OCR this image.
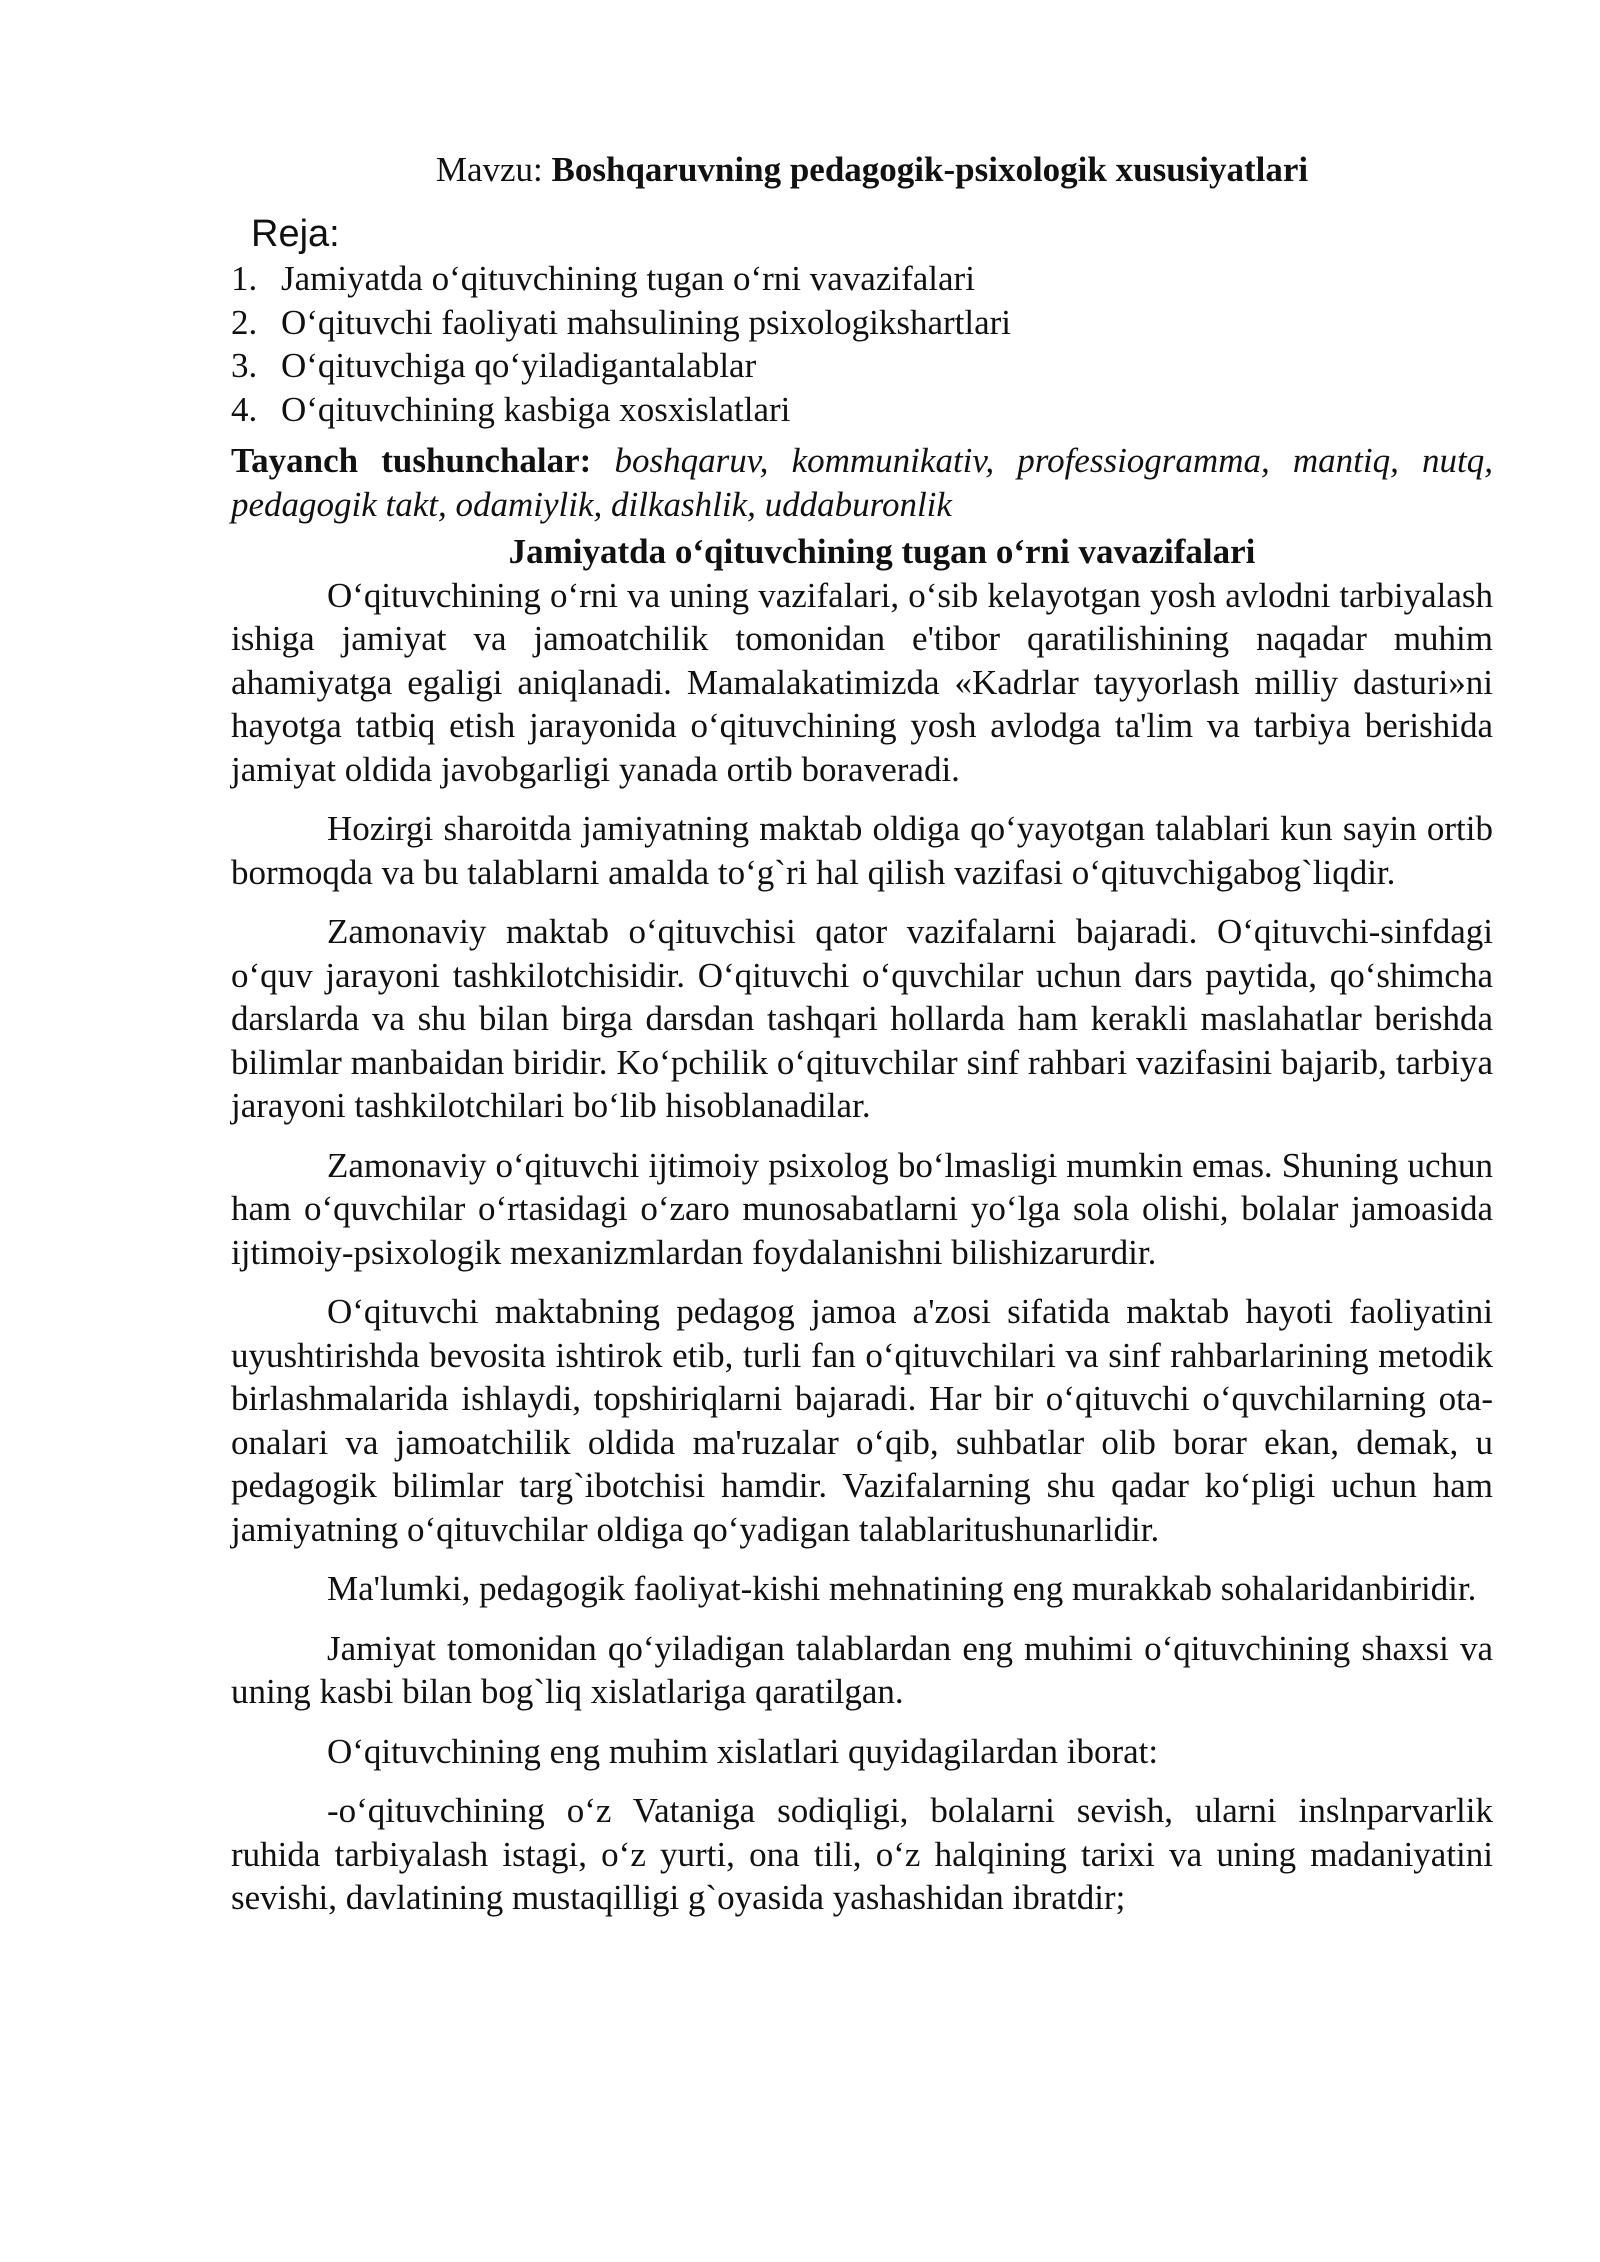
Mavzu: Boshqaruvning pedagogik-psixologik xususiyatlari
Reja:
1. Jamiyatda o‘qituvchining tugan o‘rni vavazifalari
2. O‘qituvchi faoliyati mahsulining psixologikshartlari
3. O‘qituvchiga qo‘yiladigantalablar
4. O‘qituvchining kasbiga xosxislatlari

Tayanch tushunchalar: boshqaruv, kommunikativ, professiogramma, mantiq, nutq, pedagogik takt, odamiylik, dilkashlik, uddaburonlik

Jamiyatda o‘qituvchining tugan o‘rni vavazifalari

O‘qituvchining o‘rni va uning vazifalari, o‘sib kelayotgan yosh avlodni tarbiyalash ishiga jamiyat va jamoatchilik tomonidan e'tibor qaratilishining naqadar muhim ahamiyatga egaligi aniqlanadi. Mamalakatimizda «Kadrlar tayyorlash milliy dasturi»ni hayotga tatbiq etish jarayonida o‘qituvchining yosh avlodga ta'lim va tarbiya berishida jamiyat oldida javobgarligi yanada ortib boraveradi.

Hozirgi sharoitda jamiyatning maktab oldiga qo‘yayotgan talablari kun sayin ortib bormoqda va bu talablarni amalda to‘g`ri hal qilish vazifasi o‘qituvchigabog`liqdir.

Zamonaviy maktab o‘qituvchisi qator vazifalarni bajaradi. O‘qituvchi-sinfdagi o‘quv jarayoni tashkilotchisidir. O‘qituvchi o‘quvchilar uchun dars paytida, qo‘shimcha darslarda va shu bilan birga darsdan tashqari hollarda ham kerakli maslahatlar berishda bilimlar manbaidan biridir. Ko‘pchilik o‘qituvchilar sinf rahbari vazifasini bajarib, tarbiya jarayoni tashkilotchilari bo‘lib hisoblanadilar.

Zamonaviy o‘qituvchi ijtimoiy psixolog bo‘lmasligi mumkin emas. Shuning uchun ham o‘quvchilar o‘rtasidagi o‘zaro munosabatlarni yo‘lga sola olishi, bolalar jamoasida ijtimoiy-psixologik mexanizmlardan foydalanishni bilishizarurdir.

O‘qituvchi maktabning pedagog jamoa a'zosi sifatida maktab hayoti faoliyatini uyushtirishda bevosita ishtirok etib, turli fan o‘qituvchilari va sinf rahbarlarining metodik birlashmalarida ishlaydi, topshiriqlarni bajaradi. Har bir o‘qituvchi o‘quvchilarning ota-onalari va jamoatchilik oldida ma'ruzalar o‘qib, suhbatlar olib borar ekan, demak, u pedagogik bilimlar targ`ibotchisi hamdir. Vazifalarning shu qadar ko‘pligi uchun ham jamiyatning o‘qituvchilar oldiga qo‘yadigan talablaritushunarlidir.

Ma'lumki, pedagogik faoliyat-kishi mehnatining eng murakkab sohalaridanbiridir.

Jamiyat tomonidan qo‘yiladigan talablardan eng muhimi o‘qituvchining shaxsi va uning kasbi bilan bog`liq xislatlariga qaratilgan.

O‘qituvchining eng muhim xislatlari quyidagilardan iborat:

-o‘qituvchining o‘z Vataniga sodiqligi, bolalarni sevish, ularni inslnparvarlik ruhida tarbiyalash istagi, o‘z yurti, ona tili, o‘z halqining tarixi va uning madaniyatini sevishi, davlatining mustaqilligi g`oyasida yashashidan ibratdir;
